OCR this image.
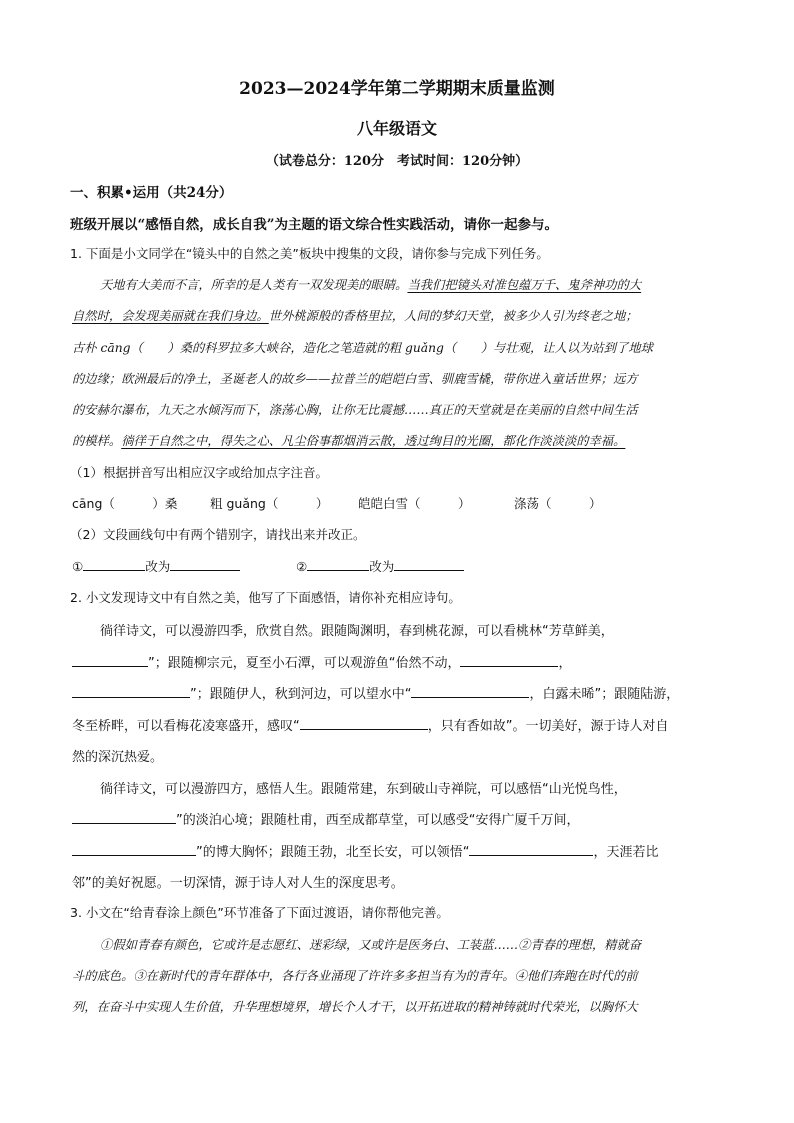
2023—2024学年第二学期期末质量监测
八年级语文
（试卷总分：120分　考试时间：120分钟）
一、积累•运用（共24分）
班级开展以“感悟自然，成长自我”为主题的语文综合性实践活动，请你一起参与。
1. 下面是小文同学在“镜头中的自然之美”板块中搜集的文段，请你参与完成下列任务。
天地有大美而不言，所幸的是人类有一双发现美的眼睛。当我们把镜头对准包蕴万千、鬼斧神功的大
自然时，会发现美丽就在我们身边。世外桃源般的香格里拉，人间的梦幻天堂，被多少人引为终老之地；
古朴 cāng（　　）桑的科罗拉多大峡谷，造化之笔造就的粗 guǎng（　　）与壮观，让人以为站到了地球
的边缘；欧洲最后的净土，圣诞老人的故乡——拉普兰的皑皑白雪、驯鹿雪橇，带你进入童话世界；远方
的安赫尔瀑布，九天之水倾泻而下，涤荡心胸，让你无比震撼……真正的天堂就是在美丽的自然中间生活
的模样。徜徉于自然之中，得失之心、凡尘俗事都烟消云散，透过绚目的光圈，都化作淡淡淡的幸福。
（1）根据拼音写出相应汉字或给加点字注音。
cāng（　　　）桑	粗 guǎng（　　　） 皑皑白雪（　　　）	涤荡（　　　）
（2）文段画线句中有两个错别字，请找出来并改正。
①	改为	②	改为
2. 小文发现诗文中有自然之美，他写了下面感悟，请你补充相应诗句。
徜徉诗文，可以漫游四季，欣赏自然。跟随陶渊明，春到桃花源，可以看桃林“芳草鲜美，
”；跟随柳宗元，夏至小石潭，可以观游鱼“佁然不动，	，
”；跟随伊人，秋到河边，可以望水中“	，白露未晞”；跟随陆游，
冬至桥畔，可以看梅花凌寒盛开，感叹“	，只有香如故”。一切美好，源于诗人对自
然的深沉热爱。
徜徉诗文，可以漫游四方，感悟人生。跟随常建，东到破山寺禅院，可以感悟“山光悦鸟性，
”的淡泊心境；跟随杜甫，西至成都草堂，可以感受“安得广厦千万间，
”的博大胸怀；跟随王勃，北至长安，可以领悟“	，天涯若比
邻”的美好祝愿。一切深情，源于诗人对人生的深度思考。
3. 小文在“给青春涂上颜色”环节准备了下面过渡语，请你帮他完善。
①假如青春有颜色，它或许是志愿红、迷彩绿，又或许是医务白、工装蓝……②青春的理想，精就奋
斗的底色。③在新时代的青年群体中，各行各业涌现了许许多多担当有为的青年。④他们奔跑在时代的前
列，在奋斗中实现人生价值，升华理想境界，增长个人才干，以开拓进取的精神铸就时代荣光，以胸怀大
